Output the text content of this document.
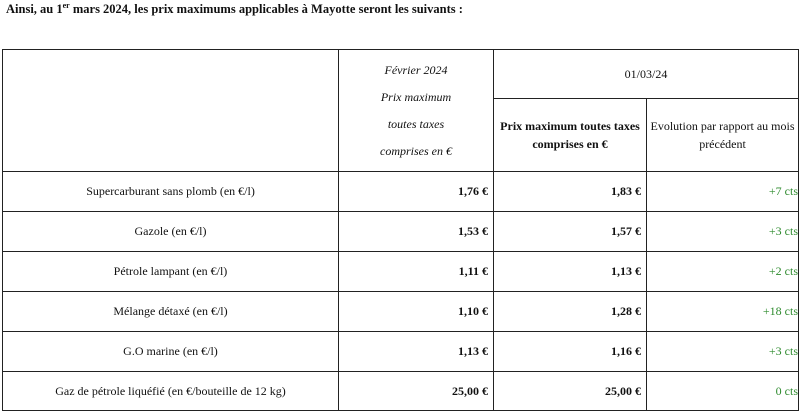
Ainsi, au 1er mars 2024, les prix maximums applicables à Mayotte seront les suivants :

	Février 2024
Prix maximum
toutes taxes
comprises en €	01/03/24	
		Prix maximum toutes taxes comprises en €	Evolution par rapport au mois précédent
Supercarburant sans plomb (en €/l)	1,76 €	1,83 €	+7 cts
Gazole (en €/l)	1,53 €	1,57 €	+3 cts
Pétrole lampant (en €/l)	1,11 €	1,13 €	+2 cts
Mélange détaxé (en €/l)	1,10 €	1,28 €	+18 cts
G.O marine (en €/l)	1,13 €	1,16 €	+3 cts
Gaz de pétrole liquéfié (en €/bouteille de 12 kg)	25,00 €	25,00 €	0 cts
